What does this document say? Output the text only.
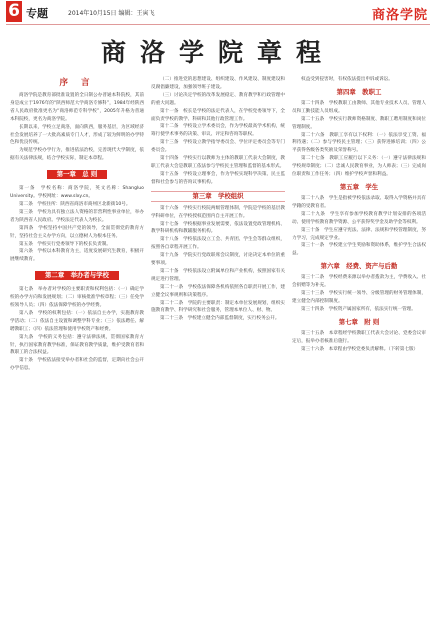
6 专题	2014年10月15日 编辑：王寅飞	商洛学院
商洛学院章程
序 言

商洛学院是教育部批准设置的全日制公办普通本科院校，其前身是成立于1976年的“陕西师范大学商洛专修科”，1984年经陕西省人民政府批准更名为“商洛师范专科学校”，2005年升格为普通本科院校，更名为商洛学院。

长期以来，学校立足商洛，面向陕西，服务基层，为区域经济社会发展培养了一大批高素质专门人才，形成了较为鲜明的办学特色和优良传统。

为规范学校办学行为，推进依法治校，完善现代大学制度，依据有关法律法规，结合学校实际，制定本章程。

第一章　总 则

第一条　学校名称：商洛学院，英文名称：Shangluo University。学校网址：www.slxy.cn。

第二条　学校住所：陕西省商洛市商州区北新街10号。

第三条　学校为具有独立法人资格的非营利性事业单位，举办者为陕西省人民政府。学校法定代表人为校长。

第四条　学校坚持中国共产党的领导，全面贯彻党的教育方针，坚持社会主义办学方向，以立德树人为根本任务。

第五条　学校实行党委领导下的校长负责制。

第六条　学校以本科教育为主，适度发展研究生教育，积极开展继续教育。

第二章　举办者与学校

第七条　举办者对学校的主要职责和权利包括：（一）确定学校的办学方向和发展规划；（二）审核批准学校章程；（三）任免学校领导人员；（四）依法保障学校的办学经费。

第八条　学校的权利包括：（一）依法自主办学，实施教育教学活动；（二）依法自主设置和调整学科专业；（三）依法聘任、解聘教职工；（四）依法管理和使用学校资产和经费。

第九条　学校的义务包括：遵守法律法规，贯彻国家教育方针，执行国家教育教学标准，保证教育教学质量，维护受教育者和教职工的合法权益。

第十条　学校依法接受举办者和社会的监督，定期向社会公开办学信息。

（二）推进党的思想建设、组织建设、作风建设、制度建设和反腐倡廉建设，加强领导班子建设。

（三）讨论决定学校的改革发展稳定、教育教学和行政管理中的重大问题。

第十一条　校长是学校的法定代表人，在学校党委领导下，全面负责学校的教学、科研和其他行政管理工作。

第十二条　学校设立学术委员会，作为学校最高学术机构，统筹行使学术事务的决策、审议、评定和咨询等职权。

第十三条　学校设立教学指导委员会、学位评定委员会等专门委员会。

第十四条　学校实行以教师为主体的教职工代表大会制度，教职工代表大会是教职工依法参与学校民主管理和监督的基本形式。

第十五条　学校设立理事会，作为学校实现科学决策、民主监督和社会参与的咨询议事机构。

第三章　学校组织

第十六条　学校实行校院两级管理体制，学院是学校的基层教学科研单位，在学校授权范围内自主开展工作。

第十七条　学校根据事业发展需要，依法设置党政管理机构、教学科研机构和教辅服务机构。

第十八条　学校依法设立工会、共青团、学生会等群众组织，按照各自章程开展工作。

第十九条　学院实行党政联席会议制度，讨论决定本单位的重要事项。

第二十条　学校依法设立附属单位和产业机构，按照国家有关规定进行管理。

第二十一条　学校依法保障各机构依照各自职责开展工作，建立健全议事规则和决策程序。

第二十二条　学院的主要职责：制定本单位发展规划，组织实施教育教学、科学研究和社会服务，管理本单位人、财、物。

第二十三条　学校建立健全内部监督制度，实行校务公开。

权益受到侵害时，有权依法提出申诉或诉讼。

第四章　教职工

第二十四条　学校教职工由教师、其他专业技术人员、管理人员和工勤技能人员组成。

第二十五条　学校实行教师资格制度、教职工聘用制度和岗位管理制度。

第二十六条　教职工享有以下权利：（一）依法享受工资、福利待遇；（二）参与学校民主管理；（三）获得进修培训；（四）公平获得各级各类奖励及荣誉称号。

第二十七条　教职工应履行以下义务：（一）遵守法律法规和学校规章制度；（二）忠诚人民教育事业，为人师表；（三）完成岗位职责和工作任务；（四）维护学校声誉和利益。

第五章　学生

第二十八条　学生是指被学校依法录取、取得入学资格并具有学籍的受教育者。

第二十九条　学生享有参加学校教育教学计划安排的各项活动、使用学校教育教学资源、公平获得奖学金及助学金等权利。

第三十条　学生应遵守宪法、法律、法规和学校管理制度，努力学习，完成规定学业。

第三十一条　学校建立学生奖励和资助体系，维护学生合法权益。

第六章　经费、资产与后勤

第三十二条　学校经费来源以举办者拨款为主，学费收入、社会捐赠等为补充。

第三十三条　学校实行统一领导、分级管理的财务管理体制，建立健全内部控制制度。

第三十四条　学校资产属国家所有，依法实行统一管理。

第七章　附 则

第三十五条　本章程经学校教职工代表大会讨论、党委会议审定后，报举办者核准后施行。

第三十六条　本章程由学校党委负责解释。（下转第七版）
